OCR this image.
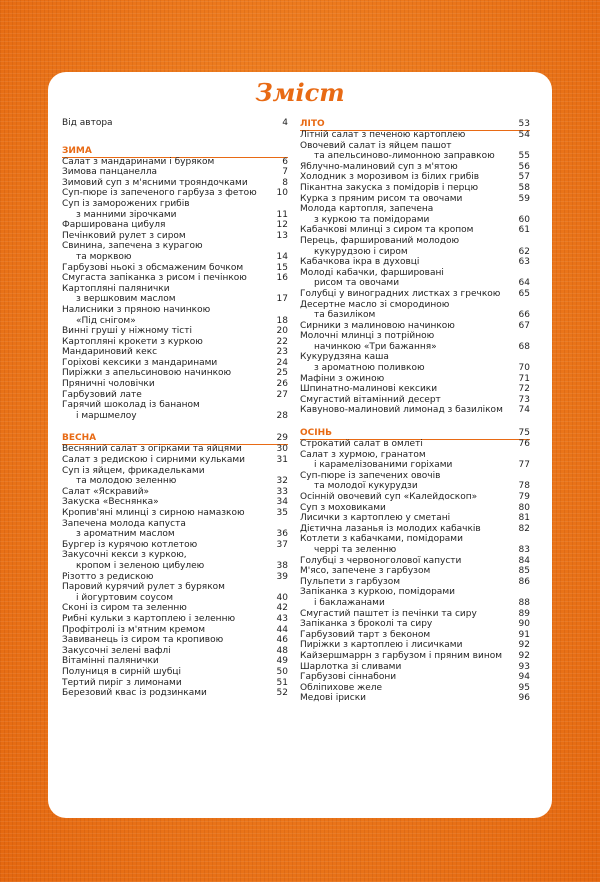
Зміст
Від автора	4
ЗИМА
Салат з мандаринами і буряком	6
Зимова панцанелла	7
Зимовий суп з м'ясними трояндочками	8
Суп-пюре із запеченого гарбуза з фетою	10
Суп із заморожених грибів
з манними зірочками	11
Фарширована цибуля	12
Печінковий рулет з сиром	13
Свинина, запечена з курагою
та морквою	14
Гарбузові ньокі з обсмаженим бочком	15
Смугаста запіканка з рисом і печінкою	16
Картопляні палянички
з вершковим маслом	17
Налисники з пряною начинкою
«Під снігом»	18
Винні груші у ніжному тісті	20
Картопляні крокети з куркою	22
Мандариновий кекс	23
Горіхові кексики з мандаринами	24
Пиріжки з апельсиновою начинкою	25
Пряничні чоловічки	26
Гарбузовий лате	27
Гарячий шоколад із бананом
і маршмелоу	28
ВЕСНА	29
Весняний салат з огірками та яйцями	30
Салат з редискою і сирними кульками	31
Суп із яйцем, фрикадельками
та молодою зеленню	32
Салат «Яскравий»	33
Закуска «Веснянка»	34
Кропив'яні млинці з сирною намазкою	35
Запечена молода капуста
з ароматним маслом	36
Бургер із курячою котлетою	37
Закусочні кекси з куркою,
кропом і зеленою цибулею	38
Різотто з редискою	39
Паровий курячий рулет з буряком
і йогуртовим соусом	40
Сконі із сиром та зеленню	42
Рибні кульки з картоплею і зеленню	43
Профітролі із м'ятним кремом	44
Завиванець із сиром та кропивою	46
Закусочні зелені вафлі	48
Вітамінні палянички	49
Полуниця в сирній шубці	50
Тертий пиріг з лимонами	51
Березовий квас із родзинками	52
ЛІТО	53
Літній салат з печеною картоплею	54
Овочевий салат із яйцем пашот
та апельсиново-лимонною заправкою	55
Яблучно-малиновий суп з м'ятою	56
Холодник з морозивом із білих грибів	57
Пікантна закуска з помідорів і перцю	58
Курка з пряним рисом та овочами	59
Молода картопля, запечена
з куркою та помідорами	60
Кабачкові млинці з сиром та кропом	61
Перець, фарширований молодою
кукурудзою і сиром	62
Кабачкова ікра в духовці	63
Молоді кабачки, фаршировані
рисом та овочами	64
Голубці у виноградних листках з гречкою	65
Десертне масло зі смородиною
та базиліком	66
Сирники з малиновою начинкою	67
Молочні млинці з потрійною
начинкою «Три бажання»	68
Кукурудзяна каша
з ароматною поливкою	70
Мафіни з ожиною	71
Шпинатно-малинові кексики	72
Смугастий вітамінний десерт	73
Кавуново-малиновий лимонад з базиліком	74
ОСІНЬ	75
Строкатий салат в омлеті	76
Салат з хурмою, гранатом
і карамелізованими горіхами	77
Суп-пюре із запечених овочів
та молодої кукурудзи	78
Осінній овочевий суп «Калейдоскоп»	79
Суп з моховиками	80
Лисички з картоплею у сметані	81
Дієтична лазанья із молодих кабачків	82
Котлети з кабачками, помідорами
черрі та зеленню	83
Голубці з червоноголової капусти	84
М'ясо, запечене з гарбузом	85
Пульпети з гарбузом	86
Запіканка з куркою, помідорами
і баклажанами	88
Смугастий паштет із печінки та сиру	89
Запіканка з броколі та сиру	90
Гарбузовий тарт з беконом	91
Пиріжки з картоплею і лисичками	92
Кайзершмаррн з гарбузом і пряним вином	92
Шарлотка зі сливами	93
Гарбузові сіннабони	94
Обліпихове желе	95
Медові іриски	96
